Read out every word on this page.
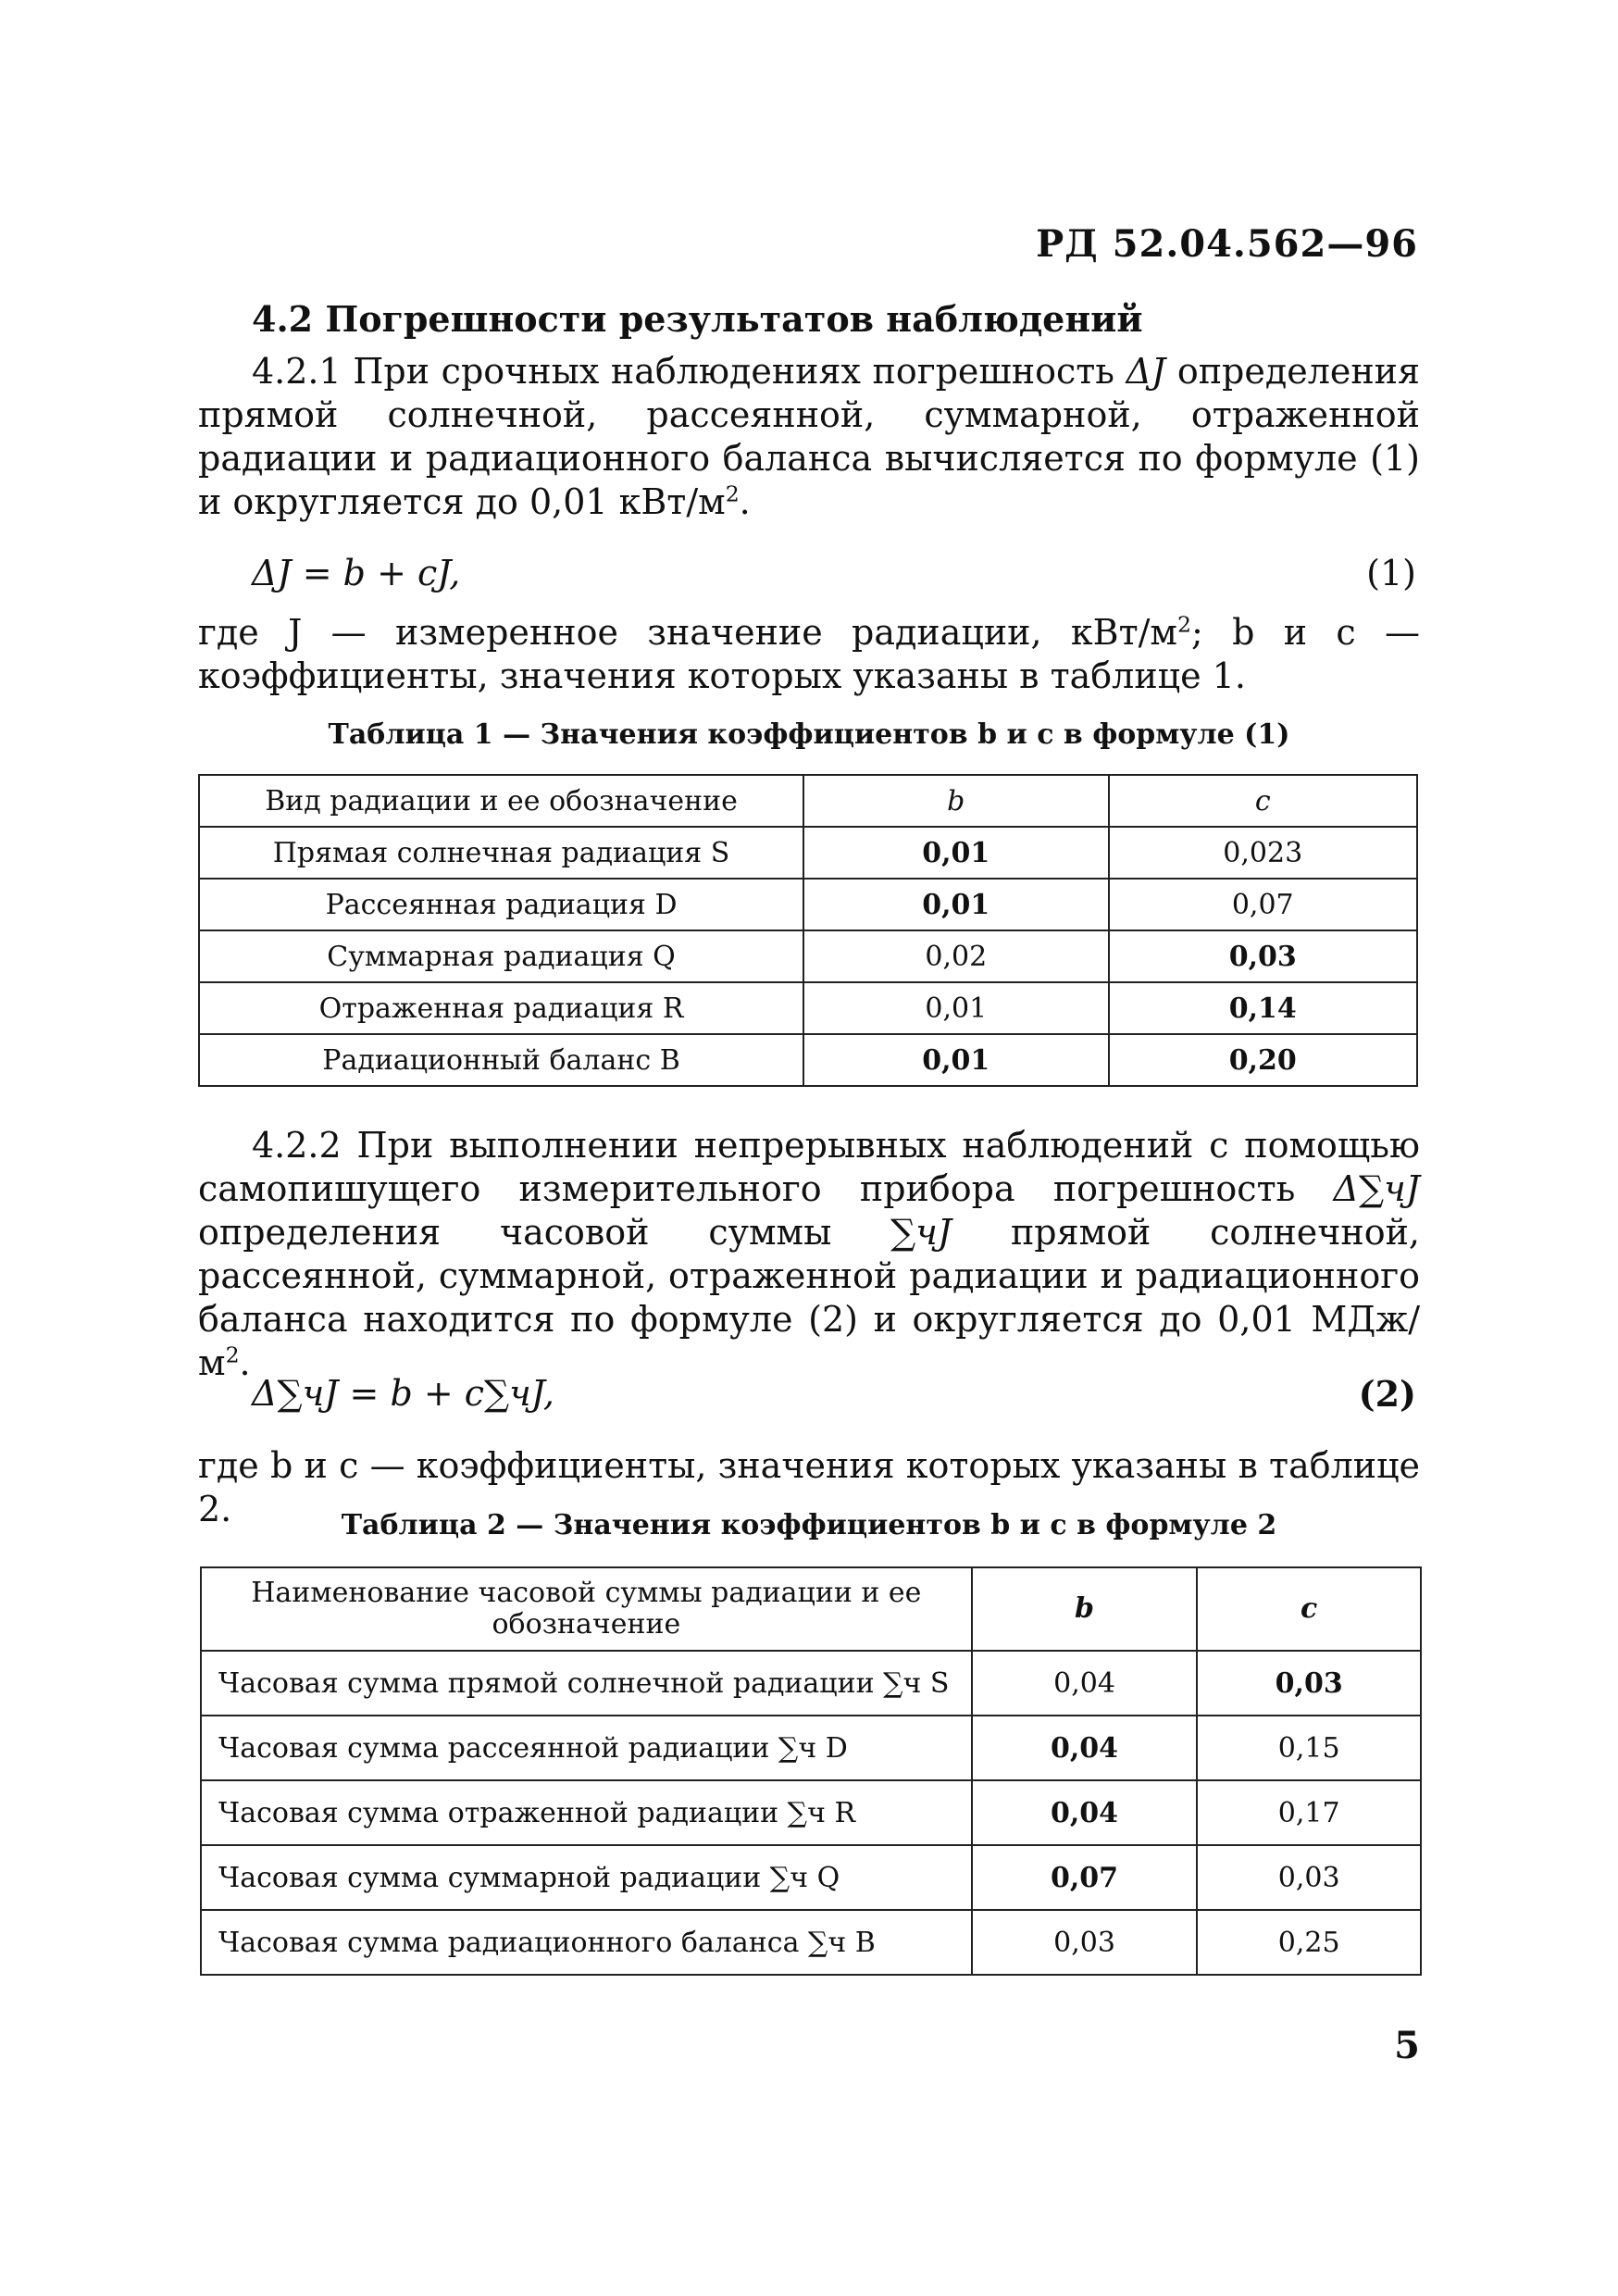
РД 52.04.562—96
4.2 Погрешности результатов наблюдений
4.2.1 При срочных наблюдениях погрешность ΔJ определения прямой солнечной, рассеянной, суммарной, отраженной радиации и радиационного баланса вычисляется по формуле (1) и округляется до 0,01 кВт/$м^2$.
ΔJ = b + cJ,	(1)
где J — измеренное значение радиации, кВт/$м^2$; b и c — коэффициенты, значения которых указаны в таблице 1.
Таблица 1 — Значения коэффициентов b и c в формуле (1)
Вид радиации и ее обозначение	b	c
Прямая солнечная радиация S	0,01	0,023
Рассеянная радиация D	0,01	0,07
Суммарная радиация Q	0,02	0,03
Отраженная радиация R	0,01	0,14
Радиационный баланс B	0,01	0,20
4.2.2 При выполнении непрерывных наблюдений с помощью самопишущего измерительного прибора погрешность Δ∑чJ определения часовой суммы ∑чJ прямой солнечной, рассеянной, суммарной, отраженной радиации и радиационного баланса находится по формуле (2) и округляется до 0,01 МДж/$м^2$.
Δ∑чJ = b + c∑чJ,	(2)
где b и c — коэффициенты, значения которых указаны в таблице 2.	Таблица 2 — Значения коэффициентов b и c в формуле 2
Наименование часовой суммы радиации и ее обозначение	b	c
Часовая сумма прямой солнечной радиации ∑ч S	0,04	0,03
Часовая сумма рассеянной радиации ∑ч D	0,04	0,15
Часовая сумма отраженной радиации ∑ч R	0,04	0,17
Часовая сумма суммарной радиации ∑ч Q	0,07	0,03
Часовая сумма радиационного баланса ∑ч B	0,03	0,25
5
